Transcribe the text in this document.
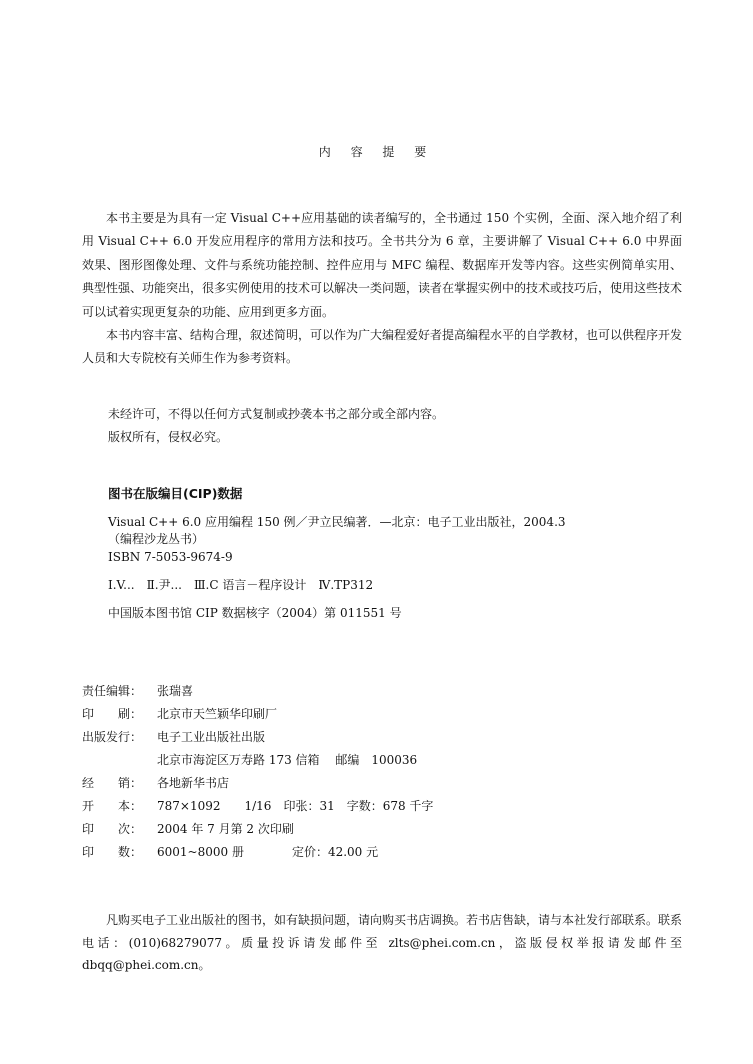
内 容 提 要
本书主要是为具有一定 Visual C++应用基础的读者编写的，全书通过 150 个实例，全面、深入地介绍了利用 Visual C++ 6.0 开发应用程序的常用方法和技巧。全书共分为 6 章，主要讲解了 Visual C++ 6.0 中界面效果、图形图像处理、文件与系统功能控制、控件应用与 MFC 编程、数据库开发等内容。这些实例简单实用、典型性强、功能突出，很多实例使用的技术可以解决一类问题，读者在掌握实例中的技术或技巧后，使用这些技术可以试着实现更复杂的功能、应用到更多方面。
本书内容丰富、结构合理，叙述简明，可以作为广大编程爱好者提高编程水平的自学教材，也可以供程序开发人员和大专院校有关师生作为参考资料。
未经许可，不得以任何方式复制或抄袭本书之部分或全部内容。
版权所有，侵权必究。
图书在版编目(CIP)数据
Visual C++ 6.0 应用编程 150 例／尹立民编著．—北京：电子工业出版社，2004.3
（编程沙龙丛书）
ISBN 7-5053-9674-9
Ⅰ.V...　Ⅱ.尹...　Ⅲ.C 语言－程序设计　Ⅳ.TP312
中国版本图书馆 CIP 数据核字（2004）第 011551 号
责任编辑： 张瑞喜
印　　刷： 北京市天竺颖华印刷厂
出版发行： 电子工业出版社出版
北京市海淀区万寿路 173 信箱　 邮编　100036
经　　销： 各地新华书店
开　　本： 787×1092　　1/16　印张：31　字数：678 千字
印　　次： 2004 年 7 月第 2 次印刷
印　　数： 6001~8000 册　　　　定价：42.00 元
凡购买电子工业出版社的图书，如有缺损问题，请向购买书店调换。若书店售缺，请与本社发行部联系。联系电话：(010)68279077。质量投诉请发邮件至 zlts@phei.com.cn，盗版侵权举报请发邮件至 dbqq@phei.com.cn。
